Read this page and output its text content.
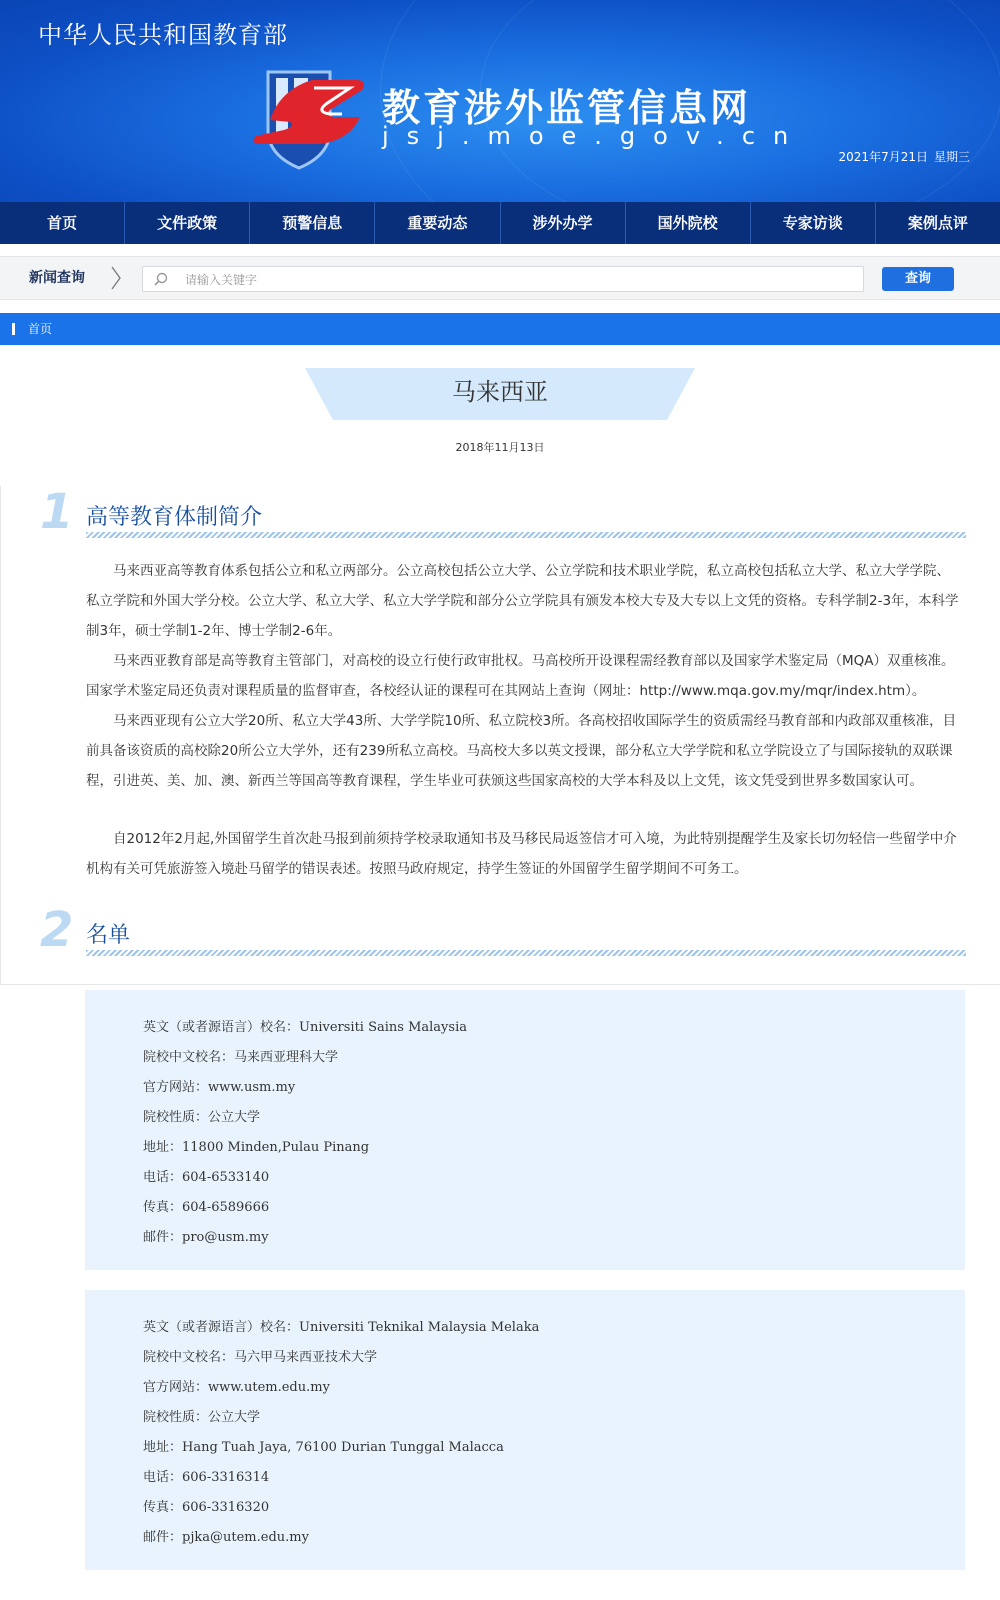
中华人民共和国教育部
教育涉外监管信息网
jsj.moe.gov.cn
2021年7月21日 星期三
首页	文件政策	预警信息	重要动态	涉外办学	国外院校	专家访谈	案例点评
新闻查询
请输入关键字	查询
首页
马来西亚
2018年11月13日
1 高等教育体制简介

马来西亚高等教育体系包括公立和私立两部分。公立高校包括公立大学、公立学院和技术职业学院，私立高校包括私立大学、私立大学学院、私立学院和外国大学分校。公立大学、私立大学、私立大学学院和部分公立学院具有颁发本校大专及大专以上文凭的资格。专科学制2-3年，本科学制3年，硕士学制1-2年、博士学制2-6年。

马来西亚教育部是高等教育主管部门，对高校的设立行使行政审批权。马高校所开设课程需经教育部以及国家学术鉴定局（MQA）双重核准。国家学术鉴定局还负责对课程质量的监督审查，各校经认证的课程可在其网站上查询（网址：http://www.mqa.gov.my/mqr/index.htm）。

马来西亚现有公立大学20所、私立大学43所、大学学院10所、私立院校3所。各高校招收国际学生的资质需经马教育部和内政部双重核准，目前具备该资质的高校除20所公立大学外，还有239所私立高校。马高校大多以英文授课，部分私立大学学院和私立学院设立了与国际接轨的双联课程，引进英、美、加、澳、新西兰等国高等教育课程，学生毕业可获颁这些国家高校的大学本科及以上文凭，该文凭受到世界多数国家认可。

自2012年2月起,外国留学生首次赴马报到前须持学校录取通知书及马移民局返签信才可入境，为此特别提醒学生及家长切勿轻信一些留学中介机构有关可凭旅游签入境赴马留学的错误表述。按照马政府规定，持学生签证的外国留学生留学期间不可务工。

2 名单
英文（或者源语言）校名：Universiti Sains Malaysia
院校中文校名：马来西亚理科大学
官方网站：www.usm.my
院校性质：公立大学
地址：11800 Minden,Pulau Pinang
电话：604-6533140
传真：604-6589666
邮件：pro@usm.my
英文（或者源语言）校名：Universiti Teknikal Malaysia Melaka
院校中文校名：马六甲马来西亚技术大学
官方网站：www.utem.edu.my
院校性质：公立大学
地址：Hang Tuah Jaya, 76100 Durian Tunggal Malacca
电话：606-3316314
传真：606-3316320
邮件：pjka@utem.edu.my
